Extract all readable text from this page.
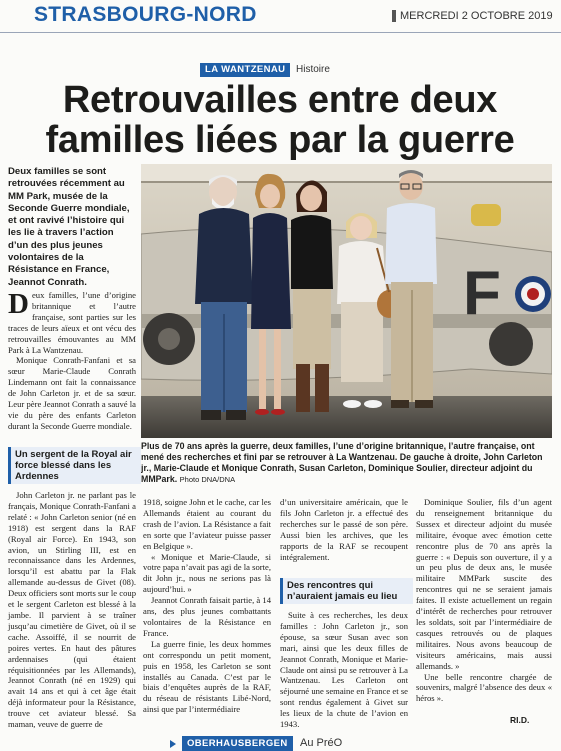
STRASBOURG-NORD	MERCREDI 2 OCTOBRE 2019
LA WANTZENAU	Histoire
Retrouvailles entre deux
familles liées par la guerre
Deux familles se sont retrouvées récemment au MM Park, musée de la Seconde Guerre mondiale, et ont ravivé l’histoire qui les lie à travers l’action d’un des plus jeunes volontaires de la Résistance en France, Jeannot Conrath.

Deux familles, l’une d’origine britannique et l’autre française, sont parties sur les traces de leurs aïeux et ont vécu des retrouvailles émouvantes au MM Park à La Wantzenau.

Monique Conrath-Fanfani et sa sœur Marie-Claude Conrath Lindemann ont fait la connaissance de John Carleton jr. et de sa sœur. Leur père Jeannot Conrath a sauvé la vie du père des enfants Carleton durant la Seconde Guerre mondiale.

F
Plus de 70 ans après la guerre, deux familles, l’une d’origine britannique, l’autre française, ont mené des recherches et fini par se retrouver à La Wantzenau. De gauche à droite, John Carleton jr., Marie-Claude et Monique Conrath, Susan Carleton, Dominique Soulier, directeur adjoint du MMPark. Photo DNA/DNA
Un sergent de la Royal air force blessé dans les Ardennes

John Carleton jr. ne parlant pas le français, Monique Conrath-Fanfani a relaté : « John Carleton senior (né en 1918) est sergent dans la RAF (Royal air Force). En 1943, son avion, un Stirling III, est en reconnaissance dans les Ardennes, lorsqu’il est abattu par la Flak allemande au-dessus de Givet (08). Deux officiers sont morts sur le coup et le sergent Carleton est blessé à la jambe. Il parvient à se traîner jusqu’au cimetière de Givet, où il se cache. Assoiffé, il se nourrit de poires vertes. En haut des pâtures ardennaises (qui étaient réquisitionnées par les Allemands), Jeannot Conrath (né en 1929) qui avait 14 ans et qui à cet âge était déjà informateur pour la Résistance, trouve cet aviateur blessé. Sa maman, veuve de guerre de

1918, soigne John et le cache, car les Allemands étaient au courant du crash de l’avion. La Résistance a fait en sorte que l’aviateur puisse passer en Belgique ».

« Monique et Marie-Claude, si votre papa n’avait pas agi de la sorte, dit John jr., nous ne serions pas là aujourd’hui. »

Jeannot Conrath faisait partie, à 14 ans, des plus jeunes combattants volontaires de la Résistance en France.

La guerre finie, les deux hommes ont correspondu un petit moment, puis en 1958, les Carleton se sont installés au Canada. C’est par le biais d’enquêtes auprès de la RAF, du réseau de résistants Libé-Nord, ainsi que par l’intermédiaire

d’un universitaire américain, que le fils John Carleton jr. a effectué des recherches sur le passé de son père. Aussi bien les archives, que les rapports de la RAF se recoupent intégralement.

Des rencontres qui n’auraient jamais eu lieu

Suite à ces recherches, les deux familles : John Carleton jr., son épouse, sa sœur Susan avec son mari, ainsi que les deux filles de Jeannot Conrath, Monique et Marie-Claude ont ainsi pu se retrouver à La Wantzenau. Les Carleton ont séjourné une semaine en France et se sont rendus également à Givet sur les lieux de la chute de l’avion en 1943.

Dominique Soulier, fils d’un agent du renseignement britannique du Sussex et directeur adjoint du musée militaire, évoque avec émotion cette rencontre plus de 70 ans après la guerre : « Depuis son ouverture, il y a un peu plus de deux ans, le musée militaire MMPark suscite des rencontres qui ne se seraient jamais faites. Il existe actuellement un regain d’intérêt de recherches pour retrouver les soldats, soit par l’intermédiaire de casques retrouvés ou de plaques militaires. Nous avons beaucoup de visiteurs américains, mais aussi allemands. »

Une belle rencontre chargée de souvenirs, malgré l’absence des deux « héros ».

RI.D.
OBERHAUSBERGEN	Au PréO
